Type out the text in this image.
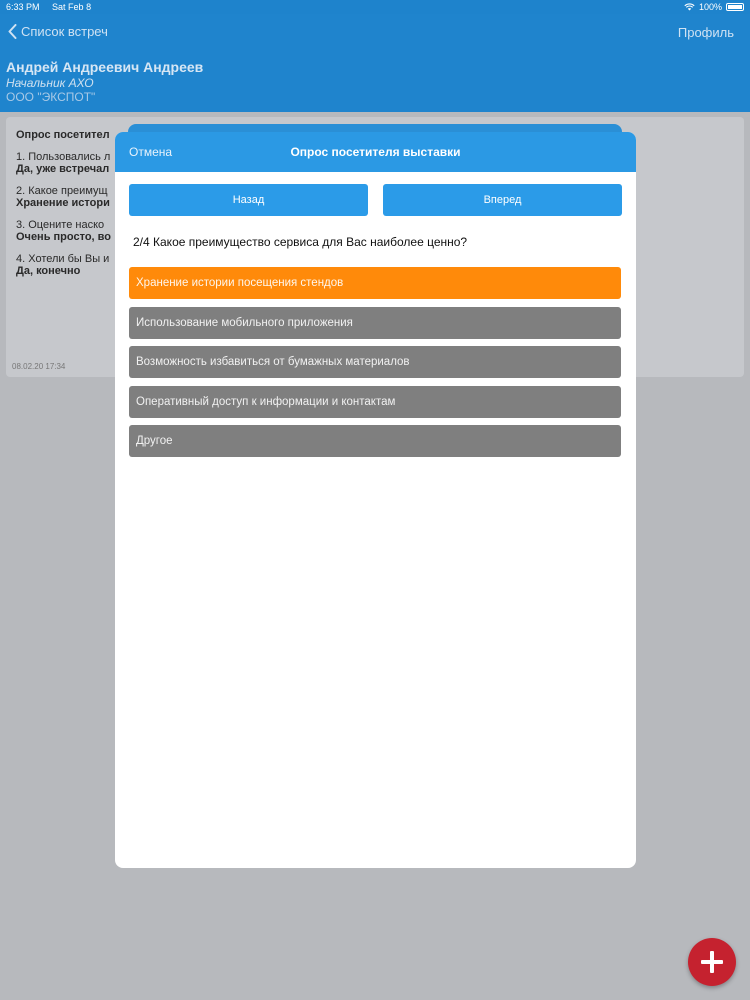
6:33 PM Sat Feb 8	100%
Список встреч	Профиль
Андрей Андреевич Андреев
Начальник АХО
ООО "ЭКСПОТ"
Опрос посетител
1. Пользовались л
Да, уже встречал
2. Какое преимущ
Хранение истори
3. Оцените наско
Очень просто, во
4. Хотели бы Вы и
Да, конечно
08.02.20 17:34
Отмена	Опрос посетителя выставки
Назад	Вперед
2/4 Какое преимущество сервиса для Вас наиболее ценно?
Хранение истории посещения стендов
Использование мобильного приложения
Возможность избавиться от бумажных материалов
Оперативный доступ к информации и контактам
Другое
